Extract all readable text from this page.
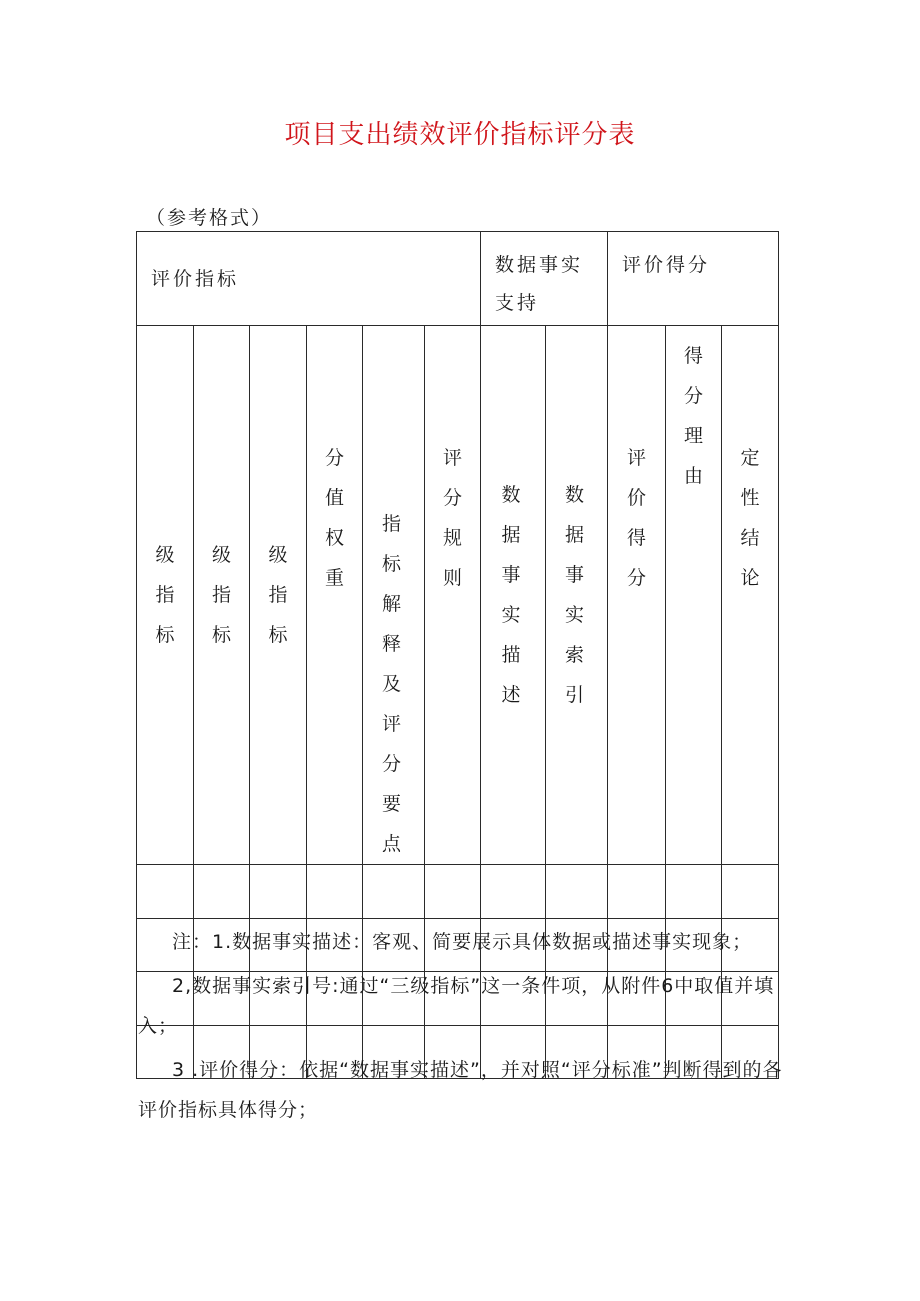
项目支出绩效评价指标评分表
（参考格式）
评价指标						数据事实支持		评价得分		
级指标	级指标	级指标	分值权重	指标解释及评分要点	评分规则	数据事实描述	数据事实索引	评价得分	得分理由	定性结论

注：1.数据事实描述：客观、简要展示具体数据或描述事实现象；

2,数据事实索引号:通过“三级指标”这一条件项，从附件6中取值并填入；

3 .评价得分：依据“数据事实描述”，并对照“评分标准”判断得到的各评价指标具体得分；
